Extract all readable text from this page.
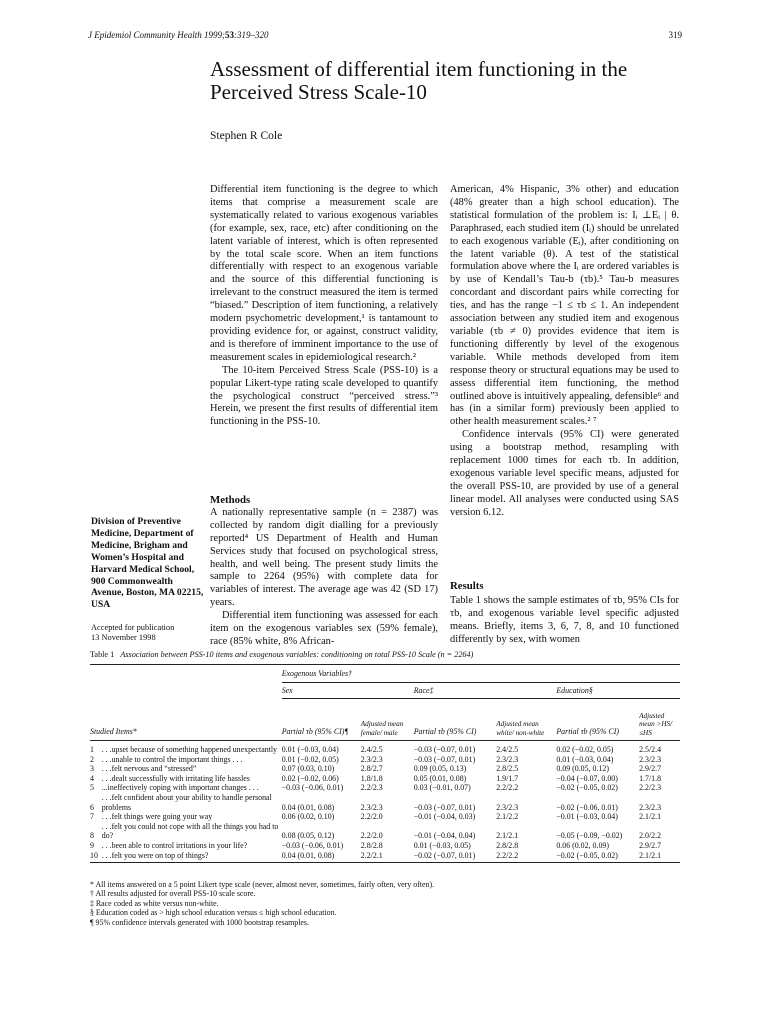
J Epidemiol Community Health 1999;53:319–320	319
Assessment of differential item functioning in the Perceived Stress Scale-10
Stephen R Cole

Differential item functioning is the degree to which items that comprise a measurement scale are systematically related to various exogenous variables (for example, sex, race, etc) after conditioning on the latent variable of interest, which is often represented by the total scale score. When an item functions differentially with respect to an exogenous variable and the source of this differential functioning is irrelevant to the construct measured the item is termed “biased.” Description of item functioning, a relatively modern psychometric development,¹ is tantamount to providing evidence for, or against, construct validity, and is therefore of imminent importance to the use of measurement scales in epidemiological research.²

The 10-item Perceived Stress Scale (PSS-10) is a popular Likert-type rating scale developed to quantify the psychological construct “perceived stress.”³ Herein, we present the first results of differential item functioning in the PSS-10.

Methods

A nationally representative sample (n = 2387) was collected by random digit dialling for a previously reported⁴ US Department of Health and Human Services study that focused on psychological stress, health, and well being. The present study limits the sample to 2264 (95%) with complete data for variables of interest. The average age was 42 (SD 17) years.

Differential item functioning was assessed for each item on the exogenous variables sex (59% female), race (85% white, 8% African-

American, 4% Hispanic, 3% other) and education (48% greater than a high school education). The statistical formulation of the problem is: Iᵢ ⊥Eᵢ | θ. Paraphrased, each studied item (Iᵢ) should be unrelated to each exogenous variable (Eᵢ), after conditioning on the latent variable (θ). A test of the statistical formulation above where the Iᵢ are ordered variables is by use of Kendall’s Tau-b (τb).⁵ Tau-b measures concordant and discordant pairs while correcting for ties, and has the range −1 ≤ τb ≤ 1. An independent association between any studied item and exogenous variable (τb ≠ 0) provides evidence that item is functioning differently by level of the exogenous variable. While methods developed from item response theory or structural equations may be used to assess differential item functioning, the method outlined above is intuitively appealing, defensible⁶ and has (in a similar form) previously been applied to other health measurement scales.² ⁷

Confidence intervals (95% CI) were generated using a bootstrap method, resampling with replacement 1000 times for each τb. In addition, exogenous variable level specific means, adjusted for the overall PSS-10, are provided by use of a general linear model. All analyses were conducted using SAS version 6.12.

Results

Table 1 shows the sample estimates of τb, 95% CIs for τb, and exogenous variable level specific adjusted means. Briefly, items 3, 6, 7, 8, and 10 functioned differently by sex, with women

Division of Preventive Medicine, Department of Medicine, Brigham and Women’s Hospital and Harvard Medical School, 900 Commonwealth Avenue, Boston, MA 02215, USA
Accepted for publication
13 November 1998
Table 1 Association between PSS-10 items and exogenous variables: conditioning on total PSS-10 Scale (n = 2264)
		Exogenous Variables†						
		Sex			Race‡		Education§	
Studied Items*		Partial τb (95% CI)¶	Adjusted mean female/ male		Partial τb (95% CI)	Adjusted mean white/ non-white	Partial τb (95% CI)	Adjusted mean >HS/≤HS
1	. . .upset because of something happened unexpectantly	0.01 (−0.03, 0.04)	2.4/2.5		−0.03 (−0.07, 0.01)	2.4/2.5	0.02 (−0.02, 0.05)	2.5/2.4
2	. . .unable to control the important things . . .	0.01 (−0.02, 0.05)	2.3/2.3		−0.03 (−0.07, 0.01)	2.3/2.3	0.01 (−0.03, 0.04)	2.3/2.3
3	. . .felt nervous and “stressed”	0.07 (0.03, 0.10)	2.8/2.7		0.09 (0.05, 0.13)	2.8/2.5	0.09 (0.05, 0.12)	2.9/2.7
4	. . .dealt successfully with irritating life hassles	0.02 (−0.02, 0.06)	1.8/1.8		0.05 (0.01, 0.08)	1.9/1.7	−0.04 (−0.07, 0.00)	1.7/1.8
5	...ineffectively coping with important changes . . .	−0.03 (−0.06, 0.01)	2.2/2.3		0.03 (−0.01, 0.07)	2.2/2.2	−0.02 (−0.05, 0.02)	2.2/2.3
6	. . .felt confident about your ability to handle personal problems	0.04 (0.01, 0.08)	2.3/2.3		−0.03 (−0.07, 0.01)	2.3/2.3	−0.02 (−0.06, 0.01)	2.3/2.3
7	. . .felt things were going your way	0.06 (0.02, 0.10)	2.2/2.0		−0.01 (−0.04, 0.03)	2.1/2.2	−0.01 (−0.03, 0.04)	2.1/2.1
8	. . .felt you could not cope with all the things you had to do?	0.08 (0.05, 0.12)	2.2/2.0		−0.01 (−0.04, 0.04)	2.1/2.1	−0.05 (−0.09, −0.02)	2.0/2.2
9	. . .been able to control irritations in your life?	−0.03 (−0.06, 0.01)	2.8/2.8		0.01 (−0.03, 0.05)	2.8/2.8	0.06 (0.02, 0.09)	2.9/2.7
10	. . .felt you were on top of things?	0.04 (0.01, 0.08)	2.2/2.1		−0.02 (−0.07, 0.01)	2.2/2.2	−0.02 (−0.05, 0.02)	2.1/2.1
* All items answered on a 5 point Likert type scale (never, almost never, sometimes, fairly often, very often).
† All results adjusted for overall PSS-10 scale score.
‡ Race coded as white versus non-white.
§ Education coded as > high school education versus ≤ high school education.
¶ 95% confidence intervals generated with 1000 bootstrap resamples.
